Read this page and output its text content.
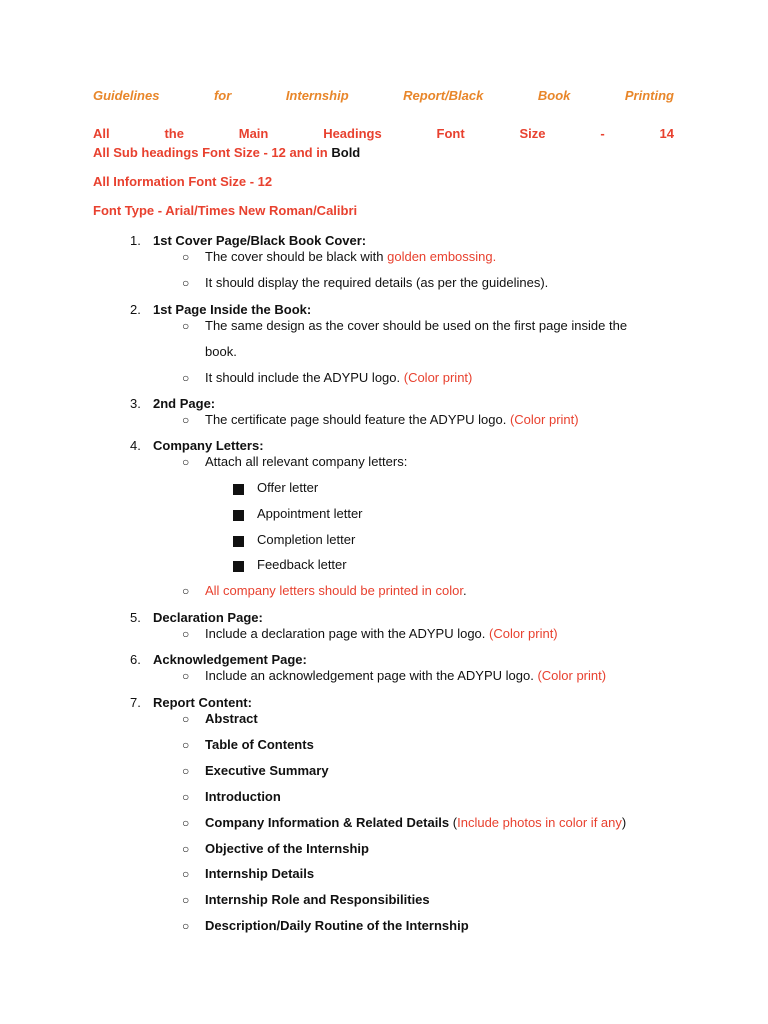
Guidelines	for	Internship	Report/Black	Book	Printing
All	the	Main	Headings	Font	Size	-	14
All Sub headings Font Size - 12 and in Bold
All Information Font Size - 12
Font Type - Arial/Times New Roman/Calibri
1. 1st Cover Page/Black Book Cover:
○ The cover should be black with golden embossing.
○ It should display the required details (as per the guidelines).
2. 1st Page Inside the Book:
○ The same design as the cover should be used on the first page inside the
book.
○ It should include the ADYPU logo. (Color print)
3. 2nd Page:
○ The certificate page should feature the ADYPU logo. (Color print)
4. Company Letters:
○ Attach all relevant company letters:
Offer letter
Appointment letter
Completion letter
Feedback letter
○ All company letters should be printed in color.
5. Declaration Page:
○ Include a declaration page with the ADYPU logo. (Color print)
6. Acknowledgement Page:
○ Include an acknowledgement page with the ADYPU logo. (Color print)
7. Report Content:
○ Abstract
○ Table of Contents
○ Executive Summary
○ Introduction
○ Company Information & Related Details (Include photos in color if any)
○ Objective of the Internship
○ Internship Details
○ Internship Role and Responsibilities
○ Description/Daily Routine of the Internship
